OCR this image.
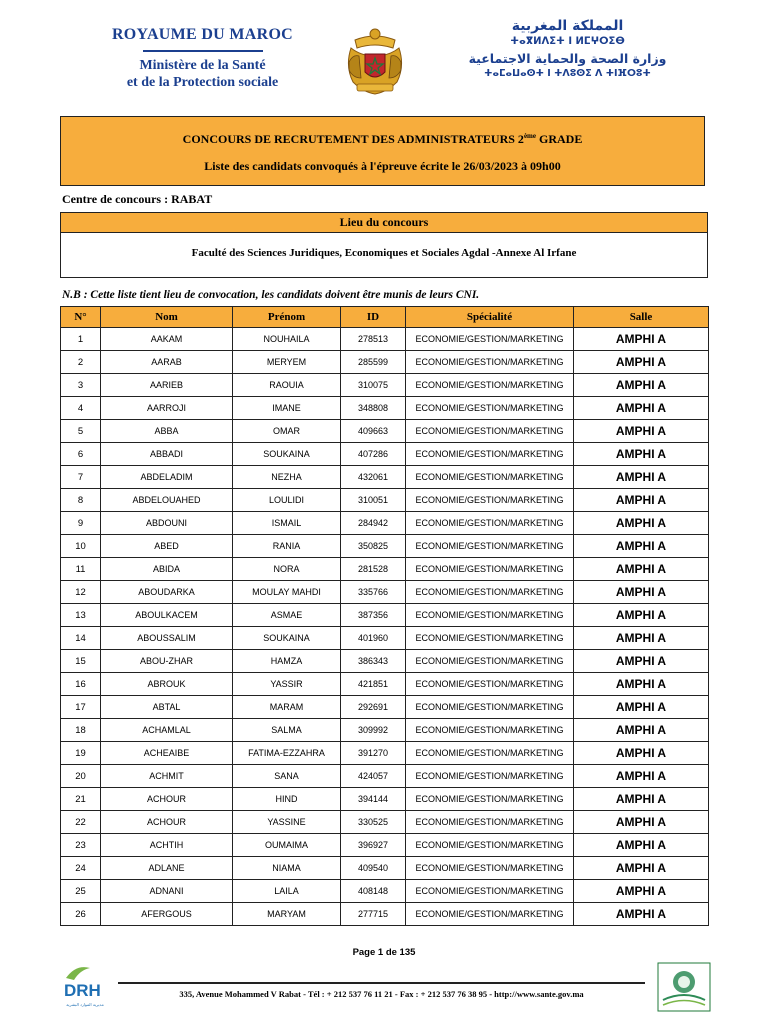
ROYAUME DU MAROC
Ministère de la Santé
et de la Protection sociale
المملكة المغربية
ⵜⴰⴳⵍⴷⵉⵜ ⵏ ⵍⵎⵖⵔⵉⴱ
وزارة الصحة والحماية الاجتماعية
ⵜⴰⵎⴰⵡⴰⵙⵜ ⵏ ⵜⴷⵓⵙⵉ ⴷ ⵜⵏⴼⵔⵓⵜ
CONCOURS DE RECRUTEMENT DES ADMINISTRATEURS 2ème GRADE
Liste des candidats convoqués à l'épreuve écrite le 26/03/2023 à 09h00
Centre de concours : RABAT
Lieu du concours
Faculté des Sciences Juridiques, Economiques et Sociales Agdal -Annexe Al Irfane
N.B : Cette liste tient lieu de convocation, les candidats doivent être munis de leurs CNI.
N°	Nom	Prénom	ID	Spécialité	Salle
1	AAKAM	NOUHAILA	278513	ECONOMIE/GESTION/MARKETING	AMPHI A
2	AARAB	MERYEM	285599	ECONOMIE/GESTION/MARKETING	AMPHI A
3	AARIEB	RAOUIA	310075	ECONOMIE/GESTION/MARKETING	AMPHI A
4	AARROJI	IMANE	348808	ECONOMIE/GESTION/MARKETING	AMPHI A
5	ABBA	OMAR	409663	ECONOMIE/GESTION/MARKETING	AMPHI A
6	ABBADI	SOUKAINA	407286	ECONOMIE/GESTION/MARKETING	AMPHI A
7	ABDELADIM	NEZHA	432061	ECONOMIE/GESTION/MARKETING	AMPHI A
8	ABDELOUAHED	LOULIDI	310051	ECONOMIE/GESTION/MARKETING	AMPHI A
9	ABDOUNI	ISMAIL	284942	ECONOMIE/GESTION/MARKETING	AMPHI A
10	ABED	RANIA	350825	ECONOMIE/GESTION/MARKETING	AMPHI A
11	ABIDA	NORA	281528	ECONOMIE/GESTION/MARKETING	AMPHI A
12	ABOUDARKA	MOULAY MAHDI	335766	ECONOMIE/GESTION/MARKETING	AMPHI A
13	ABOULKACEM	ASMAE	387356	ECONOMIE/GESTION/MARKETING	AMPHI A
14	ABOUSSALIM	SOUKAINA	401960	ECONOMIE/GESTION/MARKETING	AMPHI A
15	ABOU-ZHAR	HAMZA	386343	ECONOMIE/GESTION/MARKETING	AMPHI A
16	ABROUK	YASSIR	421851	ECONOMIE/GESTION/MARKETING	AMPHI A
17	ABTAL	MARAM	292691	ECONOMIE/GESTION/MARKETING	AMPHI A
18	ACHAMLAL	SALMA	309992	ECONOMIE/GESTION/MARKETING	AMPHI A
19	ACHEAIBE	FATIMA-EZZAHRA	391270	ECONOMIE/GESTION/MARKETING	AMPHI A
20	ACHMIT	SANA	424057	ECONOMIE/GESTION/MARKETING	AMPHI A
21	ACHOUR	HIND	394144	ECONOMIE/GESTION/MARKETING	AMPHI A
22	ACHOUR	YASSINE	330525	ECONOMIE/GESTION/MARKETING	AMPHI A
23	ACHTIH	OUMAIMA	396927	ECONOMIE/GESTION/MARKETING	AMPHI A
24	ADLANE	NIAMA	409540	ECONOMIE/GESTION/MARKETING	AMPHI A
25	ADNANI	LAILA	408148	ECONOMIE/GESTION/MARKETING	AMPHI A
26	AFERGOUS	MARYAM	277715	ECONOMIE/GESTION/MARKETING	AMPHI A
Page 1 de 135
DRH
مديرية الموارد البشرية
335, Avenue Mohammed V Rabat - Tél : + 212 537 76 11 21 - Fax : + 212 537 76 38 95 - http://www.sante.gov.ma
